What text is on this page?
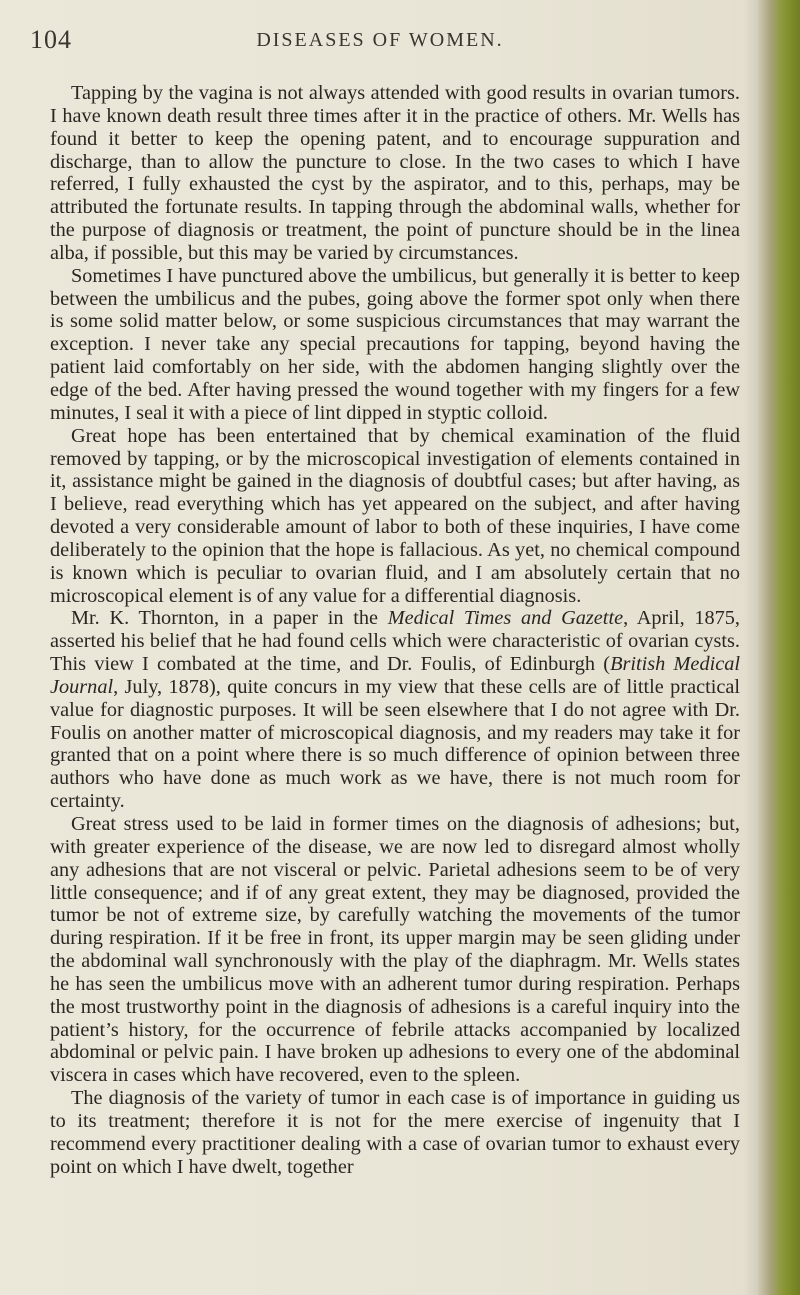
104	DISEASES OF WOMEN.

Tapping by the vagina is not always attended with good results in ovarian tumors. I have known death result three times after it in the practice of others. Mr. Wells has found it better to keep the opening patent, and to encourage suppuration and discharge, than to allow the puncture to close. In the two cases to which I have referred, I fully exhausted the cyst by the aspirator, and to this, perhaps, may be attributed the fortunate results. In tapping through the abdominal walls, whether for the purpose of diagnosis or treatment, the point of puncture should be in the linea alba, if possible, but this may be varied by circumstances.

Sometimes I have punctured above the umbilicus, but generally it is better to keep between the umbilicus and the pubes, going above the former spot only when there is some solid matter below, or some suspicious circumstances that may warrant the exception. I never take any special precautions for tapping, beyond having the patient laid comfortably on her side, with the abdomen hanging slightly over the edge of the bed. After having pressed the wound together with my fingers for a few minutes, I seal it with a piece of lint dipped in styptic colloid.

Great hope has been entertained that by chemical examination of the fluid removed by tapping, or by the microscopical investigation of elements contained in it, assistance might be gained in the diagnosis of doubtful cases; but after having, as I believe, read everything which has yet appeared on the subject, and after having devoted a very considerable amount of labor to both of these inquiries, I have come deliberately to the opinion that the hope is fallacious. As yet, no chemical compound is known which is peculiar to ovarian fluid, and I am absolutely certain that no microscopical element is of any value for a differential diagnosis.

Mr. K. Thornton, in a paper in the Medical Times and Gazette, April, 1875, asserted his belief that he had found cells which were characteristic of ovarian cysts. This view I combated at the time, and Dr. Foulis, of Edinburgh (British Medical Journal, July, 1878), quite concurs in my view that these cells are of little practical value for diagnostic purposes. It will be seen elsewhere that I do not agree with Dr. Foulis on another matter of microscopical diagnosis, and my readers may take it for granted that on a point where there is so much difference of opinion between three authors who have done as much work as we have, there is not much room for certainty.

Great stress used to be laid in former times on the diagnosis of adhesions; but, with greater experience of the disease, we are now led to disregard almost wholly any adhesions that are not visceral or pelvic. Parietal adhesions seem to be of very little consequence; and if of any great extent, they may be diagnosed, provided the tumor be not of extreme size, by carefully watching the movements of the tumor during respiration. If it be free in front, its upper margin may be seen gliding under the abdominal wall synchronously with the play of the diaphragm. Mr. Wells states he has seen the umbilicus move with an adherent tumor during respiration. Perhaps the most trustworthy point in the diagnosis of adhesions is a careful inquiry into the patient’s history, for the occurrence of febrile attacks accompanied by localized abdominal or pelvic pain. I have broken up adhesions to every one of the abdominal viscera in cases which have recovered, even to the spleen.

The diagnosis of the variety of tumor in each case is of importance in guiding us to its treatment; therefore it is not for the mere exercise of ingenuity that I recommend every practitioner dealing with a case of ovarian tumor to exhaust every point on which I have dwelt, together
